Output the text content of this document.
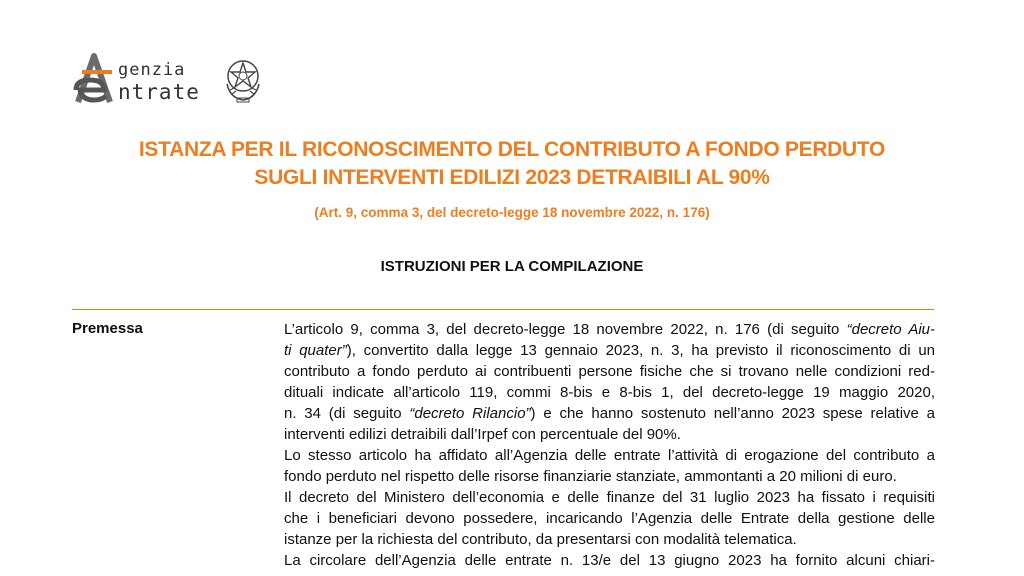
genzia
ntrate
ISTANZA PER IL RICONOSCIMENTO DEL CONTRIBUTO A FONDO PERDUTO
SUGLI INTERVENTI EDILIZI 2023 DETRAIBILI AL 90%
(Art. 9, comma 3, del decreto-legge 18 novembre 2022, n. 176)
ISTRUZIONI PER LA COMPILAZIONE
Premessa	L’articolo 9, comma 3, del decreto-legge 18 novembre 2022, n. 176 (di seguito “decreto Aiu-
ti quater”), convertito dalla legge 13 gennaio 2023, n. 3, ha previsto il riconoscimento di un
contributo a fondo perduto ai contribuenti persone fisiche che si trovano nelle condizioni red-
dituali indicate all’articolo 119, commi 8-bis e 8-bis 1, del decreto-legge 19 maggio 2020,
n. 34 (di seguito “decreto Rilancio”) e che hanno sostenuto nell’anno 2023 spese relative a
interventi edilizi detraibili dall’Irpef con percentuale del 90%.
Lo stesso articolo ha affidato all’Agenzia delle entrate l’attività di erogazione del contributo a
fondo perduto nel rispetto delle risorse finanziarie stanziate, ammontanti a 20 milioni di euro.
Il decreto del Ministero dell’economia e delle finanze del 31 luglio 2023 ha fissato i requisiti
che i beneficiari devono possedere, incaricando l’Agenzia delle Entrate della gestione delle
istanze per la richiesta del contributo, da presentarsi con modalità telematica.
La circolare dell’Agenzia delle entrate n. 13/e del 13 giugno 2023 ha fornito alcuni chiari-
